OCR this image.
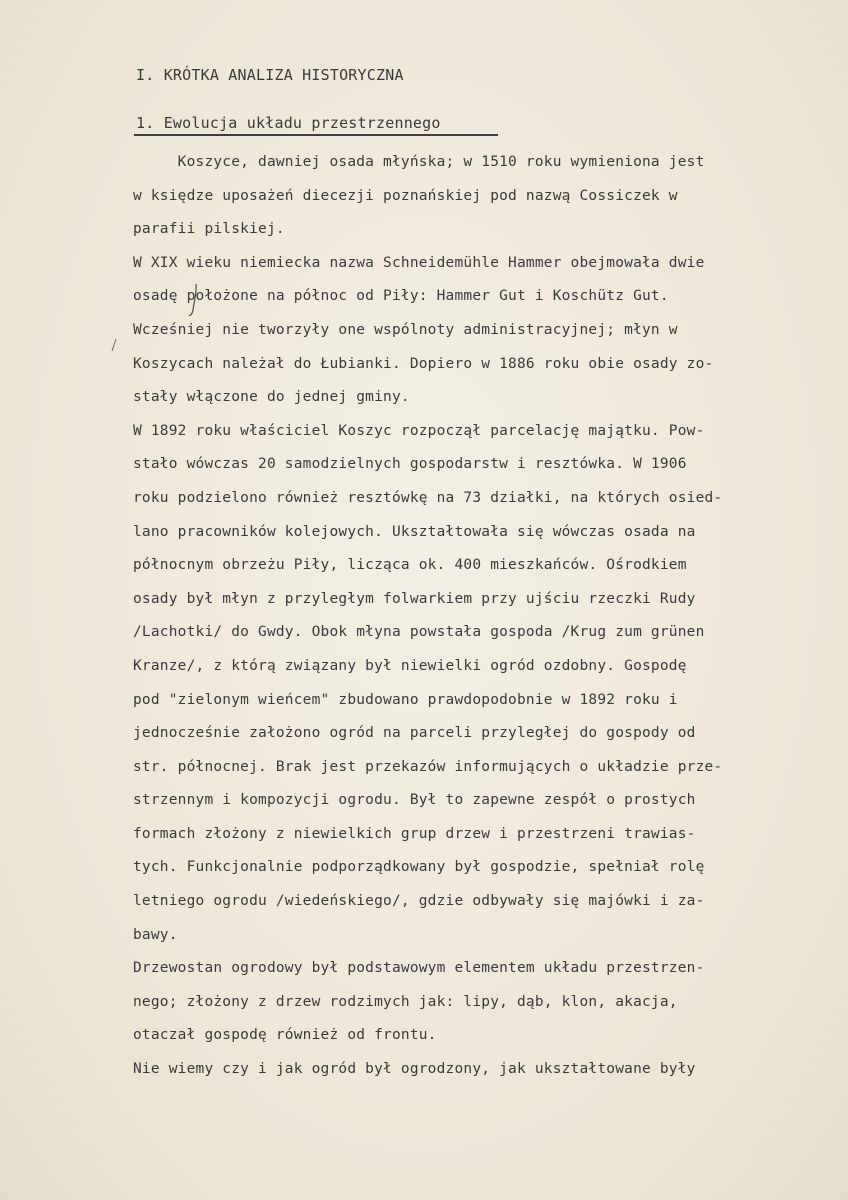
I. KRÓTKA ANALIZA HISTORYCZNA
1. Ewolucja układu przestrzennego
Koszyce, dawniej osada młyńska; w 1510 roku wymieniona jest
w księdze uposażeń diecezji poznańskiej pod nazwą Cossiczek w
parafii pilskiej.
W XIX wieku niemiecka nazwa Schneidemühle Hammer obejmowała dwie
osadę położone na północ od Piły: Hammer Gut i Koschütz Gut.
Wcześniej nie tworzyły one wspólnoty administracyjnej; młyn w
Koszycach należał do Łubianki. Dopiero w 1886 roku obie osady zo-
stały włączone do jednej gminy.
W 1892 roku właściciel Koszyc rozpoczął parcelację majątku. Pow-
stało wówczas 20 samodzielnych gospodarstw i resztówka. W 1906
roku podzielono również resztówkę na 73 działki, na których osied-
lano pracowników kolejowych. Ukształtowała się wówczas osada na
północnym obrzeżu Piły, licząca ok. 400 mieszkańców. Ośrodkiem
osady był młyn z przyległym folwarkiem przy ujściu rzeczki Rudy
/Lachotki/ do Gwdy. Obok młyna powstała gospoda /Krug zum grünen
Kranze/, z którą związany był niewielki ogród ozdobny. Gospodę
pod "zielonym wieńcem" zbudowano prawdopodobnie w 1892 roku i
jednocześnie założono ogród na parceli przyległej do gospody od
str. północnej. Brak jest przekazów informujących o układzie prze-
strzennym i kompozycji ogrodu. Był to zapewne zespół o prostych
formach złożony z niewielkich grup drzew i przestrzeni trawias-
tych. Funkcjonalnie podporządkowany był gospodzie, spełniał rolę
letniego ogrodu /wiedeńskiego/, gdzie odbywały się majówki i za-
bawy.
Drzewostan ogrodowy był podstawowym elementem układu przestrzen-
nego; złożony z drzew rodzimych jak: lipy, dąb, klon, akacja,
otaczał gospodę również od frontu.
Nie wiemy czy i jak ogród był ogrodzony, jak ukształtowane były
